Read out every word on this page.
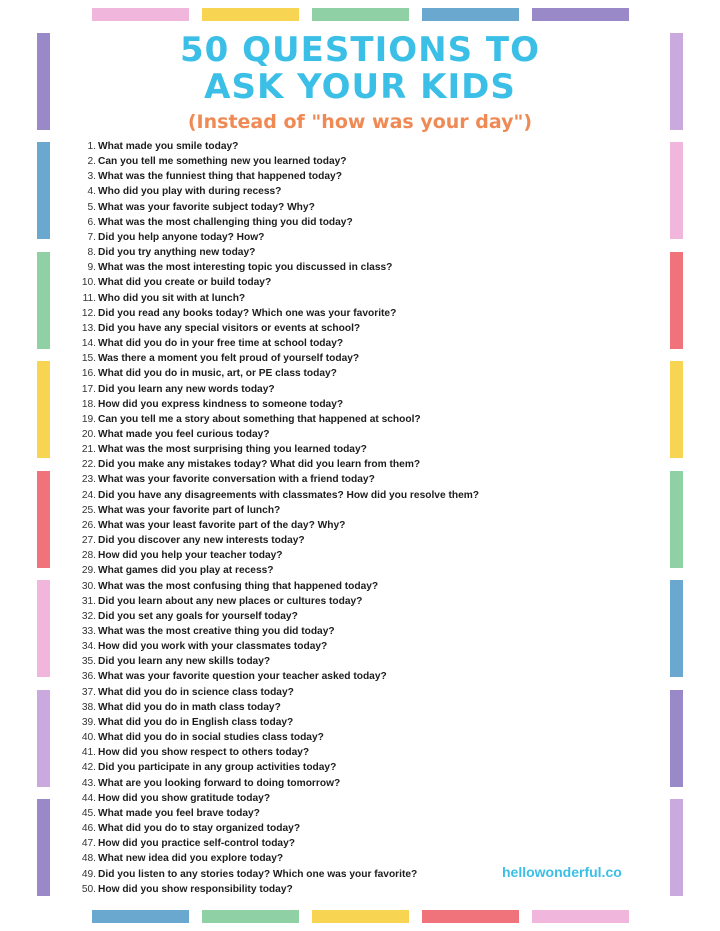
50 QUESTIONS TO
ASK YOUR KIDS
(Instead of "how was your day")
1. What made you smile today?
2. Can you tell me something new you learned today?
3. What was the funniest thing that happened today?
4. Who did you play with during recess?
5. What was your favorite subject today? Why?
6. What was the most challenging thing you did today?
7. Did you help anyone today? How?
8. Did you try anything new today?
9. What was the most interesting topic you discussed in class?
10. What did you create or build today?
11. Who did you sit with at lunch?
12. Did you read any books today? Which one was your favorite?
13. Did you have any special visitors or events at school?
14. What did you do in your free time at school today?
15. Was there a moment you felt proud of yourself today?
16. What did you do in music, art, or PE class today?
17. Did you learn any new words today?
18. How did you express kindness to someone today?
19. Can you tell me a story about something that happened at school?
20. What made you feel curious today?
21. What was the most surprising thing you learned today?
22. Did you make any mistakes today? What did you learn from them?
23. What was your favorite conversation with a friend today?
24. Did you have any disagreements with classmates? How did you resolve them?
25. What was your favorite part of lunch?
26. What was your least favorite part of the day? Why?
27. Did you discover any new interests today?
28. How did you help your teacher today?
29. What games did you play at recess?
30. What was the most confusing thing that happened today?
31. Did you learn about any new places or cultures today?
32. Did you set any goals for yourself today?
33. What was the most creative thing you did today?
34. How did you work with your classmates today?
35. Did you learn any new skills today?
36. What was your favorite question your teacher asked today?
37. What did you do in science class today?
38. What did you do in math class today?
39. What did you do in English class today?
40. What did you do in social studies class today?
41. How did you show respect to others today?
42. Did you participate in any group activities today?
43. What are you looking forward to doing tomorrow?
44. How did you show gratitude today?
45. What made you feel brave today?
46. What did you do to stay organized today?
47. How did you practice self-control today?
48. What new idea did you explore today?
49. Did you listen to any stories today? Which one was your favorite?
50. How did you show responsibility today?
hellowonderful.co
